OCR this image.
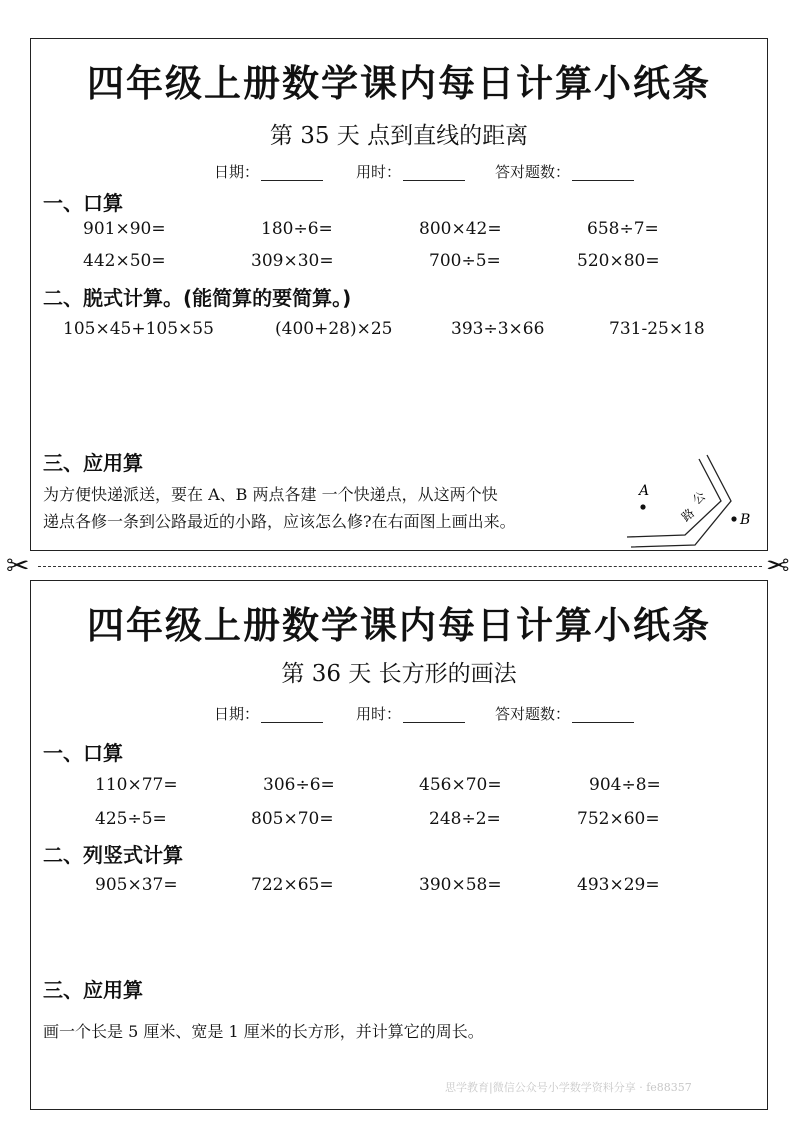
四年级上册数学课内每日计算小纸条
第 35 天 点到直线的距离
日期：	用时：	答对题数：
一、口算
901×90=	180÷6=	800×42=	658÷7=
442×50=	309×30=	700÷5=	520×80=
二、脱式计算。(能简算的要简算。)
105×45+105×55	(400+28)×25	393÷3×66	731-25×18
三、应用算
为方便快递派送，要在 A、B 两点各建 一个快递点，从这两个快
递点各修一条到公路最近的小路，应该怎么修?在右面图上画出来。
A
B
公
路
✂	✂
四年级上册数学课内每日计算小纸条
第 36 天 长方形的画法
日期：	用时：	答对题数：
一、口算
110×77=	306÷6=	456×70=	904÷8=
425÷5=	805×70=	248÷2=	752×60=
二、列竖式计算
905×37=	722×65=	390×58=	493×29=
三、应用算
画一个长是 5 厘米、宽是 1 厘米的长方形，并计算它的周长。
思学教育|微信公众号小学数学资料分享 · fe88357
